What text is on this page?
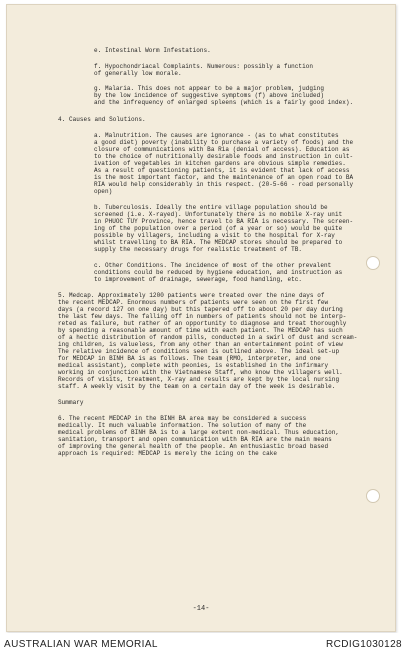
e. Intestinal Worm Infestations.
f. Hypochondriacal Complaints. Numerous: possibly a function
of generally low morale.
g. Malaria. This does not appear to be a major problem, judging
by the low incidence of suggestive symptoms (f) above included)
and the infrequency of enlarged spleens (which is a fairly good index).
4. Causes and Solutions.
a. Malnutrition. The causes are ignorance - (as to what constitutes
a good diet) poverty (inability to purchase a variety of foods) and the
closure of communications with Ba Ria (denial of access). Education as
to the choice of nutritionally desirable foods and instruction in cult-
ivation of vegetables in kitchen gardens are obvious simple remedies.
As a result of questioning patients, it is evident that lack of access
is the most important factor, and the maintenance of an open road to BA
RIA would help considerably in this respect. (20-5-66 - road personally
open)
b. Tuberculosis. Ideally the entire village population should be
screened (i.e. X-rayed). Unfortunately there is no mobile X-ray unit
in PHUOC TUY Province, hence travel to BA RIA is necessary. The screen-
ing of the population over a period (of a year or so) would be quite
possible by villagers, including a visit to the hospital for X-ray
whilst travelling to BA RIA. The MEDCAP stores should be prepared to
supply the necessary drugs for realistic treatment of TB.
c. Other Conditions. The incidence of most of the other prevalent
conditions could be reduced by hygiene education, and instruction as
to improvement of drainage, sewerage, food handling, etc.
5. Medcap. Approximately 1200 patients were treated over the nine days of
the recent MEDCAP. Enormous numbers of patients were seen on the first few
days (a record 127 on one day) but this tapered off to about 20 per day during
the last few days. The falling off in numbers of patients should not be interp-
reted as failure, but rather of an opportunity to diagnose and treat thoroughly
by spending a reasonable amount of time with each patient. The MEDCAP has such
of a hectic distribution of random pills, conducted in a swirl of dust and scream-
ing children, is valueless, from any other than an entertainment point of view
The relative incidence of conditions seen is outlined above. The ideal set-up
for MEDCAP in BINH BA is as follows. The team (RMO, interpreter, and one
medical assistant), complete with peonies, is established in the infirmary
working in conjunction with the Vietnamese Staff, who know the villagers well.
Records of visits, treatment, X-ray and results are kept by the local nursing
staff. A weekly visit by the team on a certain day of the week is desirable.
Summary
6. The recent MEDCAP in the BINH BA area may be considered a success
medically. It much valuable information. The solution of many of the
medical problems of BINH BA is to a large extent non-medical. Thus education,
sanitation, transport and open communication with BA RIA are the main means
of improving the general health of the people. An enthusiastic broad based
approach is required: MEDCAP is merely the icing on the cake
-14-
AUSTRALIAN WAR MEMORIAL	RCDIG1030128
